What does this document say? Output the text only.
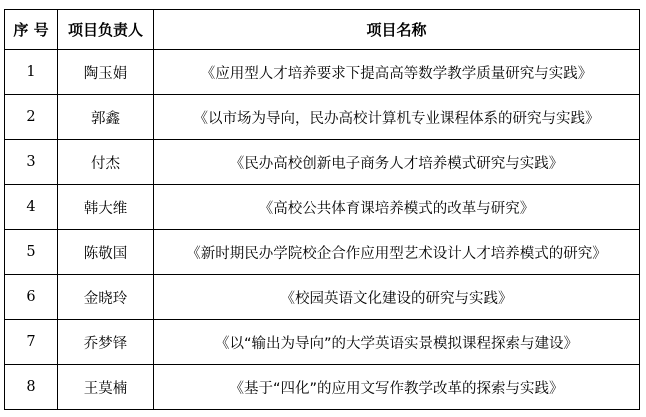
序 号	项目负责人	项目名称
1	陶玉娟	《应用型人才培养要求下提高高等数学教学质量研究与实践》
2	郭鑫	《以市场为导向，民办高校计算机专业课程体系的研究与实践》
3	付杰	《民办高校创新电子商务人才培养模式研究与实践》
4	韩大维	《高校公共体育课培养模式的改革与研究》
5	陈敬国	《新时期民办学院校企合作应用型艺术设计人才培养模式的研究》
6	金晓玲	《校园英语文化建设的研究与实践》
7	乔梦铎	《以“输出为导向”的大学英语实景模拟课程探索与建设》
8	王莫楠	《基于“四化”的应用文写作教学改革的探索与实践》
